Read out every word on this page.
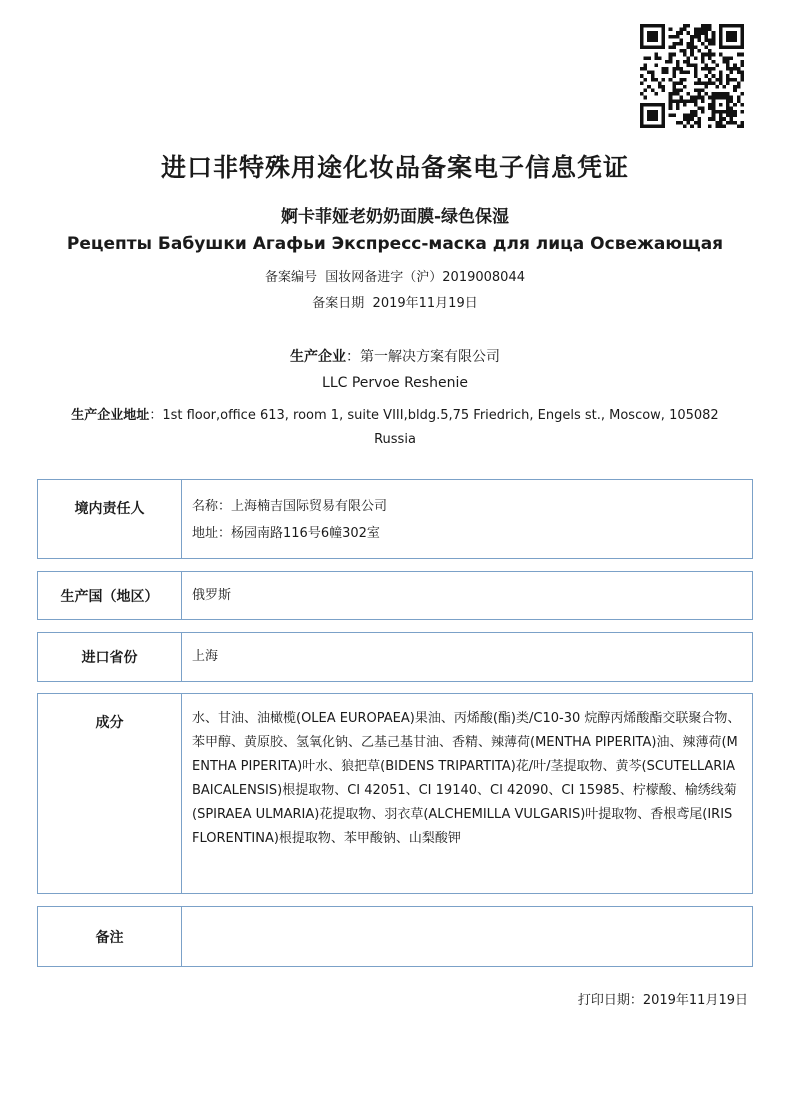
进口非特殊用途化妆品备案电子信息凭证
婀卡菲娅老奶奶面膜-绿色保湿
Рецепты Бабушки Агафьи Экспресс-маска для лица Освежающая
备案编号 国妆网备进字（沪）2019008044
备案日期 2019年11月19日
生产企业：第一解决方案有限公司
LLC Pervoe Reshenie
生产企业地址：1st floor,office 613, room 1, suite VIII,bldg.5,75 Friedrich, Engels st., Moscow, 105082
Russia
境内责任人	名称：上海楠吉国际贸易有限公司
地址：杨园南路116号6幢302室
生产国（地区）	俄罗斯
进口省份	上海
成分	水、甘油、油橄榄(OLEA EUROPAEA)果油、丙烯酸(酯)类/C10-30 烷醇丙烯酸酯交联聚合物、苯甲醇、黄原胶、氢氧化钠、乙基己基甘油、香精、辣薄荷(MENTHA PIPERITA)油、辣薄荷(MENTHA PIPERITA)叶水、狼把草(BIDENS TRIPARTITA)花/叶/茎提取物、黄芩(SCUTELLARIA BAICALENSIS)根提取物、CI 42051、CI 19140、CI 42090、CI 15985、柠檬酸、榆绣线菊(SPIRAEA ULMARIA)花提取物、羽衣草(ALCHEMILLA VULGARIS)叶提取物、香根鸢尾(IRIS FLORENTINA)根提取物、苯甲酸钠、山梨酸钾
备注
打印日期：2019年11月19日
